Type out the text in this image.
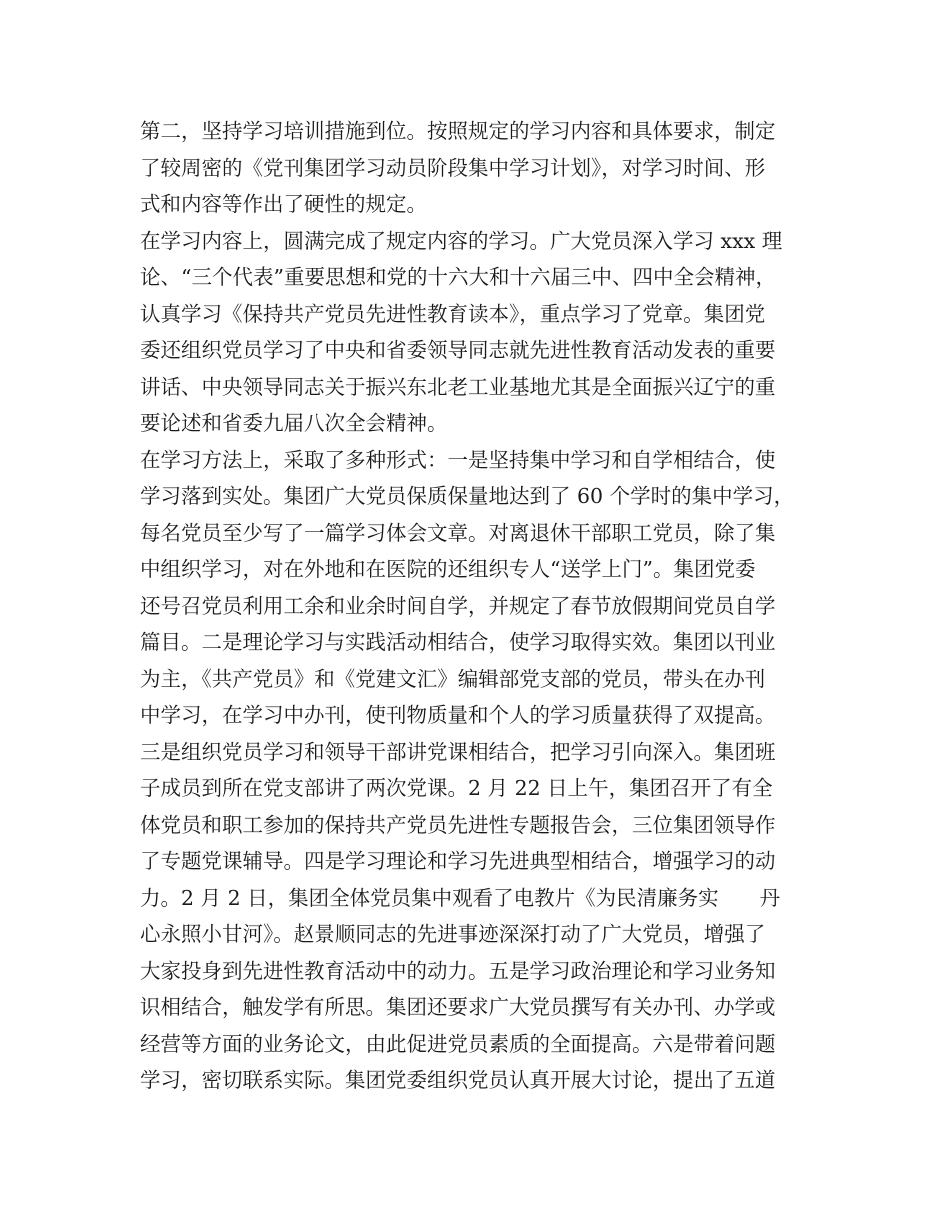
第二，坚持学习培训措施到位。按照规定的学习内容和具体要求，制定
了较周密的《党刊集团学习动员阶段集中学习计划》，对学习时间、形
式和内容等作出了硬性的规定。
在学习内容上，圆满完成了规定内容的学习。广大党员深入学习 xxx 理
论、“三个代表”重要思想和党的十六大和十六届三中、四中全会精神，
认真学习《保持共产党员先进性教育读本》，重点学习了党章。集团党
委还组织党员学习了中央和省委领导同志就先进性教育活动发表的重要
讲话、中央领导同志关于振兴东北老工业基地尤其是全面振兴辽宁的重
要论述和省委九届八次全会精神。
在学习方法上，采取了多种形式：一是坚持集中学习和自学相结合，使
学习落到实处。集团广大党员保质保量地达到了 60 个学时的集中学习，
每名党员至少写了一篇学习体会文章。对离退休干部职工党员，除了集
中组织学习，对在外地和在医院的还组织专人“送学上门”。集团党委
还号召党员利用工余和业余时间自学，并规定了春节放假期间党员自学
篇目。二是理论学习与实践活动相结合，使学习取得实效。集团以刊业
为主，《共产党员》和《党建文汇》编辑部党支部的党员，带头在办刊
中学习，在学习中办刊，使刊物质量和个人的学习质量获得了双提高。
三是组织党员学习和领导干部讲党课相结合，把学习引向深入。集团班
子成员到所在党支部讲了两次党课。2 月 22 日上午，集团召开了有全
体党员和职工参加的保持共产党员先进性专题报告会，三位集团领导作
了专题党课辅导。四是学习理论和学习先进典型相结合，增强学习的动
力。2 月 2 日，集团全体党员集中观看了电教片《为民清廉务实　　丹
心永照小甘河》。赵景顺同志的先进事迹深深打动了广大党员，增强了
大家投身到先进性教育活动中的动力。五是学习政治理论和学习业务知
识相结合，触发学有所思。集团还要求广大党员撰写有关办刊、办学或
经营等方面的业务论文，由此促进党员素质的全面提高。六是带着问题
学习，密切联系实际。集团党委组织党员认真开展大讨论，提出了五道
